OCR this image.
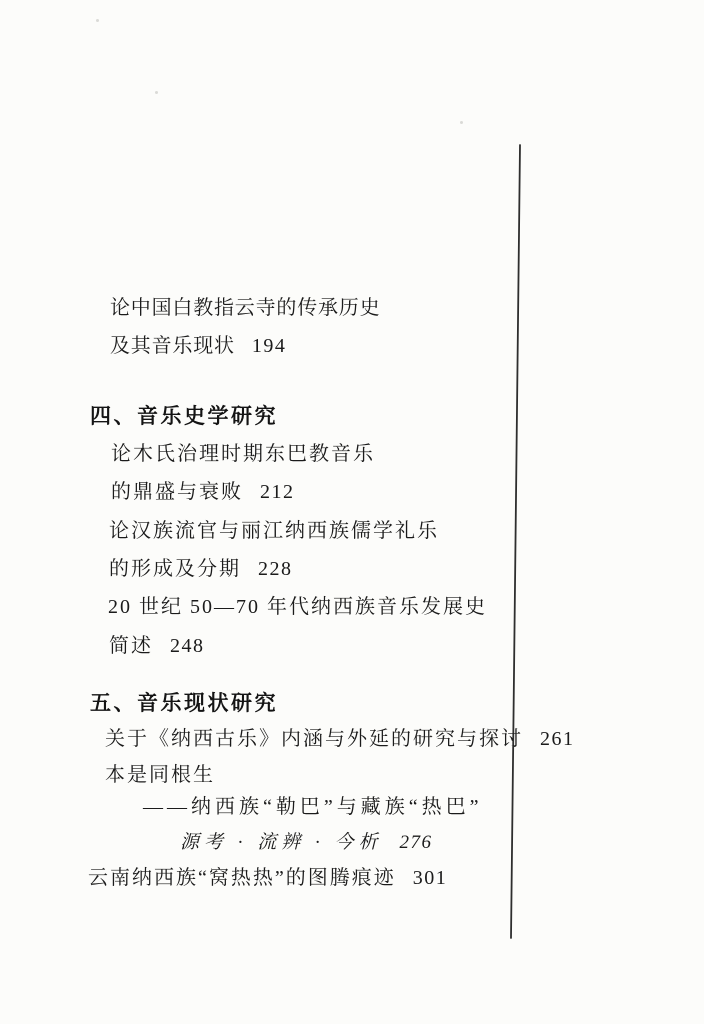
论中国白教指云寺的传承历史
及其音乐现状 194
四、音乐史学研究
论木氏治理时期东巴教音乐
的鼎盛与衰败 212
论汉族流官与丽江纳西族儒学礼乐
的形成及分期 228
20 世纪 50—70 年代纳西族音乐发展史
简述 248
五、音乐现状研究
关于《纳西古乐》内涵与外延的研究与探讨 261
本是同根生
——纳西族“勒巴”与藏族“热巴”
源考 · 流辨 · 今析 276
云南纳西族“窝热热”的图腾痕迹 301
